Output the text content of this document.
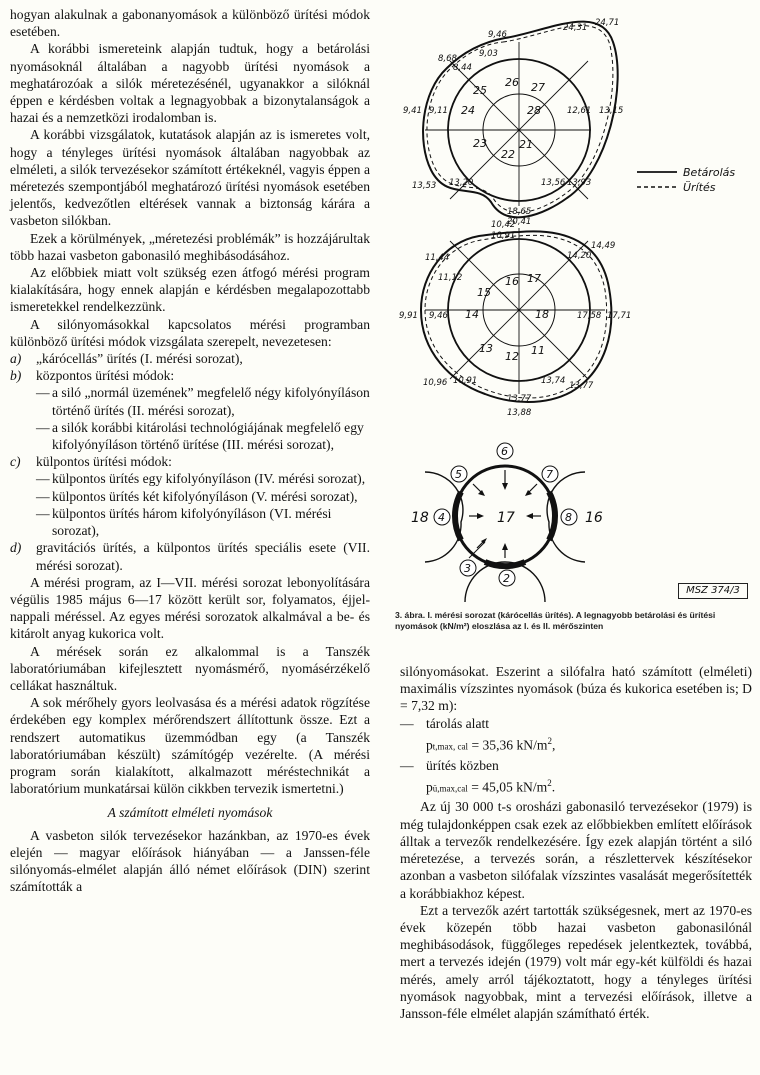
hogyan alakulnak a gabonanyomások a különböző ürítési módok esetében.

A korábbi ismereteink alapján tudtuk, hogy a betárolási nyomásoknál általában a nagyobb ürítési nyomások a meghatározóak a silók méretezésénél, ugyanakkor a silóknál éppen e kérdésben voltak a legnagyobbak a bizonytalanságok a hazai és a nemzetközi irodalomban is.

A korábbi vizsgálatok, kutatások alapján az is ismeretes volt, hogy a tényleges ürítési nyomások általában nagyobbak az elméleti, a silók tervezésekor számított értékeknél, vagyis éppen a méretezés szempontjából meghatározó ürítési nyomások esetében jelentős, kedvezőtlen eltérések vannak a biztonság kárára a vasbeton silókban.

Ezek a körülmények, „méretezési problémák” is hozzájárultak több hazai vasbeton gabonasiló meghibásodásához.

Az előbbiek miatt volt szükség ezen átfogó mérési program kialakítására, hogy ennek alapján e kérdésben megalapozottabb ismeretekkel rendelkezzünk.

A silónyomásokkal kapcsolatos mérési programban különböző ürítési módok vizsgálata szerepelt, nevezetesen:

a)	„kárócellás” ürítés (I. mérési sorozat),
b)	központos ürítési módok:
— a siló „normál üzemének” megfelelő négy kifolyónyíláson történő ürítés (II. mérési sorozat),
— a silók korábbi kitárolási technológiájának megfelelő egy kifolyónyíláson történő ürítése (III. mérési sorozat),
c)	külpontos ürítési módok:
— külpontos ürítés egy kifolyónyíláson (IV. mérési sorozat),
— külpontos ürítés két kifolyónyíláson (V. mérési sorozat),
— külpontos ürítés három kifolyónyíláson (VI. mérési sorozat),
d)	gravitációs ürítés, a külpontos ürítés speciális esete (VII. mérési sorozat).

A mérési program, az I—VII. mérési sorozat lebonyolítására végülis 1985 május 6—17 között került sor, folyamatos, éjjel-nappali méréssel. Az egyes mérési sorozatok alkalmával a be- és kitárolt anyag kukorica volt.

A mérések során ez alkalommal is a Tanszék laboratóriumában kifejlesztett nyomásmérő, nyomásérzékelő cellákat használtuk.

A sok mérőhely gyors leolvasása és a mérési adatok rögzítése érdekében egy komplex mérőrendszert állítottunk össze. Ezt a rendszert automatikus üzemmódban egy (a Tanszék laboratóriumában készült) számítógép vezérelte. (A mérési program során kialakított, alkalmazott méréstechnikát a laboratórium munkatársai külön cikkben tervezik ismertetni.)

A számított elméleti nyomások

A vasbeton silók tervezésekor hazánkban, az 1970-es évek elején — magyar előírások hiányában — a Janssen-féle silónyomás-elmélet alapján álló német előírások (DIN) szerint számították a

9,46
24,31 24,71
9,03
8,68
8,44
25
26 27
9,41 9,11 24	28	12,61 13,15
23
22
21
13,53 13,20	13,56 13,93
18,65
20,41
Betárolás
Ürítés
10,42
10,91
14,49
14,20
11,44
11,12
15
16 17
9,91 9,46 14	18	17,58 17,71
13
12 11
10,96 10,91	13,74 13,77
13,77
13,88
6
5	7
4	8
3
2
18	17	16
MSZ 374/3
3. ábra. I. mérési sorozat (kárócellás ürítés). A legnagyobb betárolási és ürítési nyomások (kN/m²) eloszlása az I. és II. mérőszinten

silónyomásokat. Eszerint a silófalra ható számított (elméleti) maximális vízszintes nyomások (búza és kukorica esetében is; D = 7,32 m):

— tárolás alatt

pt,max, cal = 35,36 $kN/m^2$,

— ürítés közben

pü,max,cal = 45,05 $kN/m^2$.

Az új 30 000 t-s orosházi gabonasiló tervezésekor (1979) is még tulajdonképpen csak ezek az előbbiekben említett előírások álltak a tervezők rendelkezésére. Így ezek alapján történt a siló méretezése, a tervezés során, a részlettervek készítésekor azonban a vasbeton silófalak vízszintes vasalását megerősítették a korábbiakhoz képest.

Ezt a tervezők azért tartották szükségesnek, mert az 1970-es évek közepén több hazai vasbeton gabonasilónál meghibásodások, függőleges repedések jelentkeztek, továbbá, mert a tervezés idején (1979) volt már egy-két külföldi és hazai mérés, amely arról tájékoztatott, hogy a tényleges ürítési nyomások nagyobbak, mint a tervezési előírások, illetve a Jansson-féle elmélet alapján számítható érték.
